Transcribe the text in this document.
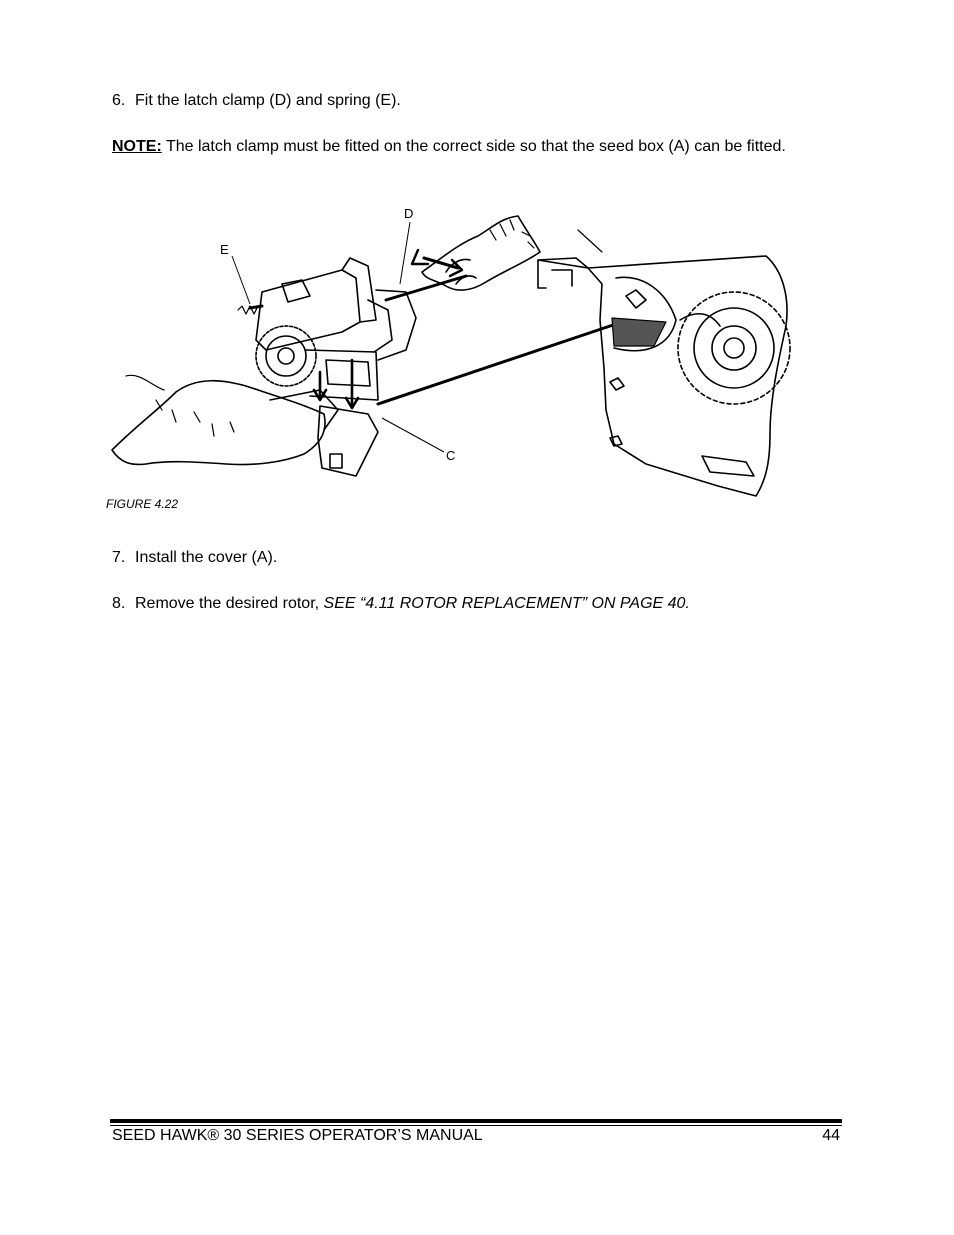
6. Fit the latch clamp (D) and spring (E).
NOTE: The latch clamp must be fitted on the correct side so that the seed box (A) can be fitted.
E
D
C
FIGURE 4.22
7. Install the cover (A).
8. Remove the desired rotor, SEE “4.11 ROTOR REPLACEMENT” ON PAGE 40.
SEED HAWK® 30 SERIES OPERATOR’S MANUAL	44
